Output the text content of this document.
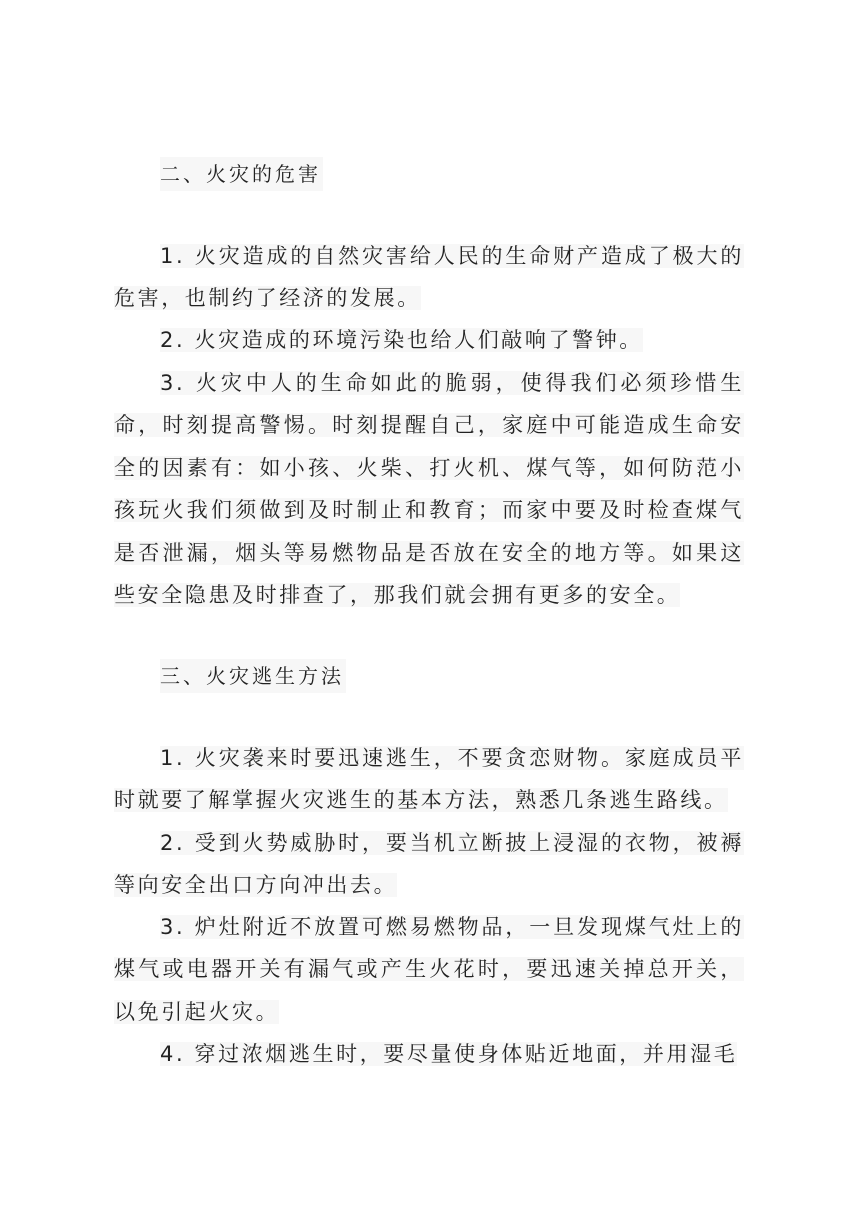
二、火灾的危害

1. 火灾造成的自然灾害给人民的生命财产造成了极大的危害，也制约了经济的发展。

2. 火灾造成的环境污染也给人们敲响了警钟。

3. 火灾中人的生命如此的脆弱，使得我们必须珍惜生命，时刻提高警惕。时刻提醒自己，家庭中可能造成生命安全的因素有：如小孩、火柴、打火机、煤气等，如何防范小孩玩火我们须做到及时制止和教育；而家中要及时检查煤气是否泄漏，烟头等易燃物品是否放在安全的地方等。如果这些安全隐患及时排查了，那我们就会拥有更多的安全。

三、火灾逃生方法

1. 火灾袭来时要迅速逃生，不要贪恋财物。家庭成员平时就要了解掌握火灾逃生的基本方法，熟悉几条逃生路线。

2. 受到火势威胁时，要当机立断披上浸湿的衣物，被褥等向安全出口方向冲出去。

3. 炉灶附近不放置可燃易燃物品，一旦发现煤气灶上的煤气或电器开关有漏气或产生火花时，要迅速关掉总开关，以免引起火灾。

4. 穿过浓烟逃生时，要尽量使身体贴近地面，并用湿毛
